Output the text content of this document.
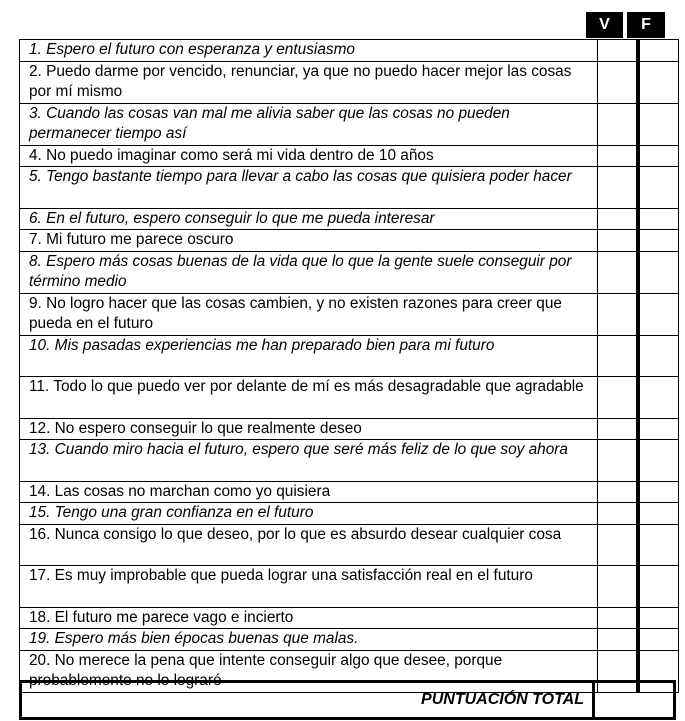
V	F
1. Espero el futuro con esperanza y entusiasmo		
2. Puedo darme por vencido, renunciar, ya que no puedo hacer mejor las cosas por mí mismo		
3. Cuando las cosas van mal me alivia saber que las cosas no pueden permanecer tiempo así		
4. No puedo imaginar como será mi vida dentro de 10 años		
5. Tengo bastante tiempo para llevar a cabo las cosas que quisiera poder hacer		
6. En el futuro, espero conseguir lo que me pueda interesar		
7. Mi futuro me parece oscuro		
8. Espero más cosas buenas de la vida que lo que la gente suele conseguir por término medio		
9. No logro hacer que las cosas cambien, y no existen razones para creer que pueda en el futuro		
10. Mis pasadas experiencias me han preparado bien para mi futuro		
11. Todo lo que puedo ver por delante de mí es más desagradable que agradable		
12. No espero conseguir lo que realmente deseo		
13. Cuando miro hacia el futuro, espero que seré más feliz de lo que soy ahora		
14. Las cosas no marchan como yo quisiera		
15. Tengo una gran confianza en el futuro		
16. Nunca consigo lo que deseo, por lo que es absurdo desear cualquier cosa		
17. Es muy improbable que pueda lograr una satisfacción real en el futuro		
18. El futuro me parece vago e incierto		
19. Espero más bien épocas buenas que malas.		
20. No merece la pena que intente conseguir algo que desee, porque probablemente no lo lograré		
PUNTUACIÓN TOTAL	
